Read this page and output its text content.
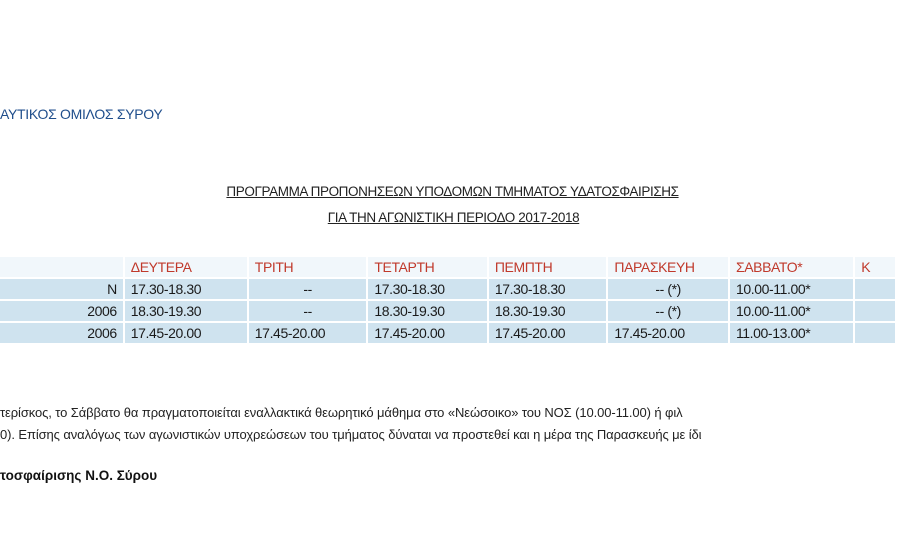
ΑΥΤΙΚΟΣ ΟΜΙΛΟΣ ΣΥΡΟΥ
ΠΡΟΓΡΑΜΜΑ ΠΡΟΠΟΝΗΣΕΩΝ ΥΠΟΔΟΜΩΝ ΤΜΗΜΑΤΟΣ ΥΔΑΤΟΣΦΑΙΡΙΣΗΣ
ΓΙΑ ΤΗΝ ΑΓΩΝΙΣΤΙΚΗ ΠΕΡΙΟΔΟ 2017-2018
	ΔΕΥΤΕΡΑ	ΤΡΙΤΗ	ΤΕΤΑΡΤΗ	ΠΕΜΠΤΗ	ΠΑΡΑΣΚΕΥΗ	ΣΑΒΒΑΤΟ*	Κ
Ν	17.30-18.30	--	17.30-18.30	17.30-18.30	-- (*)	10.00-11.00*	
2006	18.30-19.30	--	18.30-19.30	18.30-19.30	-- (*)	10.00-11.00*	
2006	17.45-20.00	17.45-20.00	17.45-20.00	17.45-20.00	17.45-20.00	11.00-13.00*	
τερίσκος, το Σάββατο θα πραγματοποιείται εναλλακτικά θεωρητικό μάθημα στο «Νεώσοικο» του ΝΟΣ (10.00-11.00) ή φιλ
0). Επίσης αναλόγως των αγωνιστικών υποχρεώσεων του τμήματος δύναται να προστεθεί και η μέρα της Παρασκευής με ίδι
τοσφαίρισης Ν.Ο. Σύρου
